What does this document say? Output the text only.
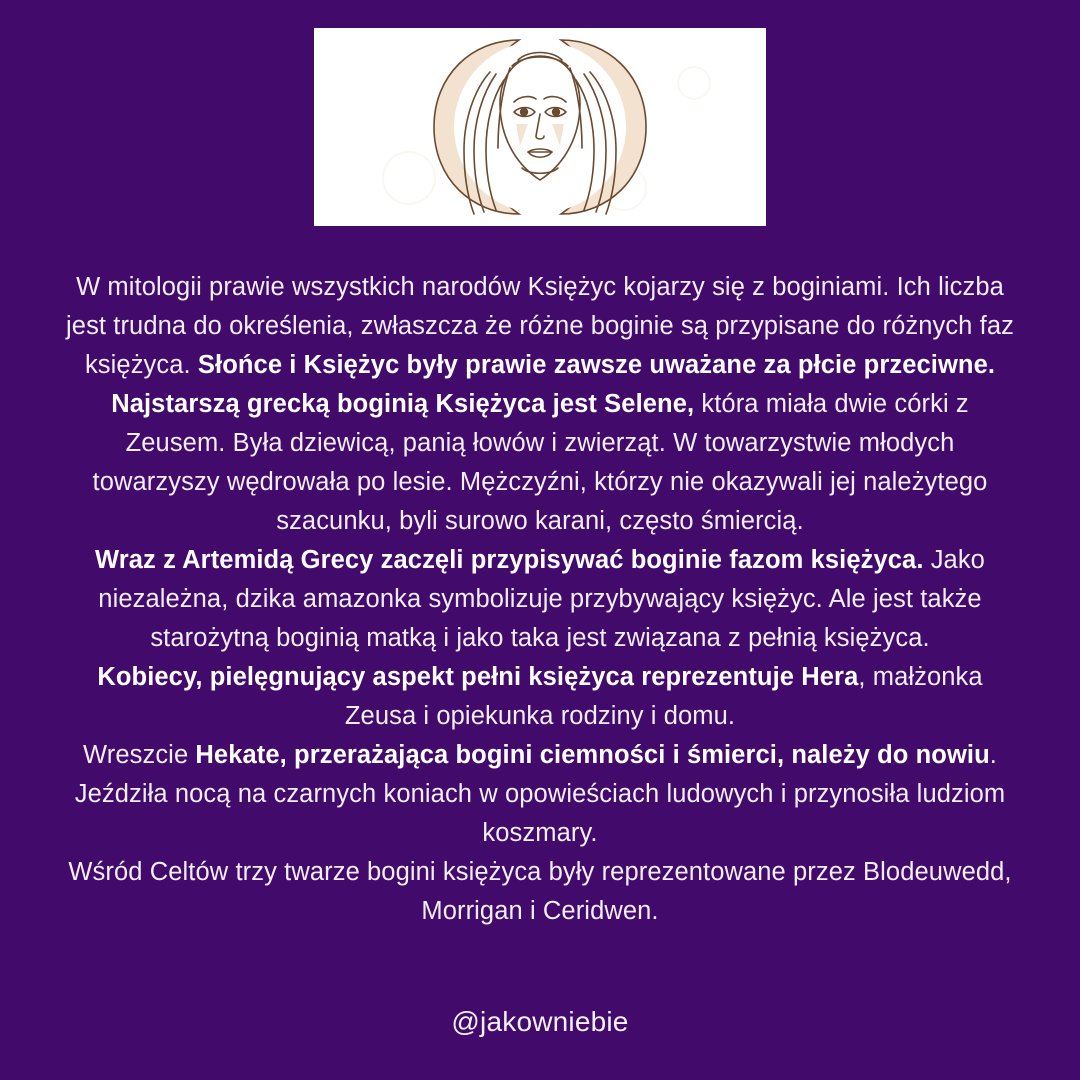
W mitologii prawie wszystkich narodów Księżyc kojarzy się z boginiami. Ich liczba jest trudna do określenia, zwłaszcza że różne boginie są przypisane do różnych faz księżyca. Słońce i Księżyc były prawie zawsze uważane za płcie przeciwne. Najstarszą grecką boginią Księżyca jest Selene, która miała dwie córki z Zeusem. Była dziewicą, panią łowów i zwierząt. W towarzystwie młodych towarzyszy wędrowała po lesie. Mężczyźni, którzy nie okazywali jej należytego szacunku, byli surowo karani, często śmiercią.

Wraz z Artemidą Grecy zaczęli przypisywać boginie fazom księżyca. Jako niezależna, dzika amazonka symbolizuje przybywający księżyc. Ale jest także starożytną boginią matką i jako taka jest związana z pełnią księżyca.

Kobiecy, pielęgnujący aspekt pełni księżyca reprezentuje Hera, małżonka Zeusa i opiekunka rodziny i domu.

Wreszcie Hekate, przerażająca bogini ciemności i śmierci, należy do nowiu. Jeździła nocą na czarnych koniach w opowieściach ludowych i przynosiła ludziom koszmary.

Wśród Celtów trzy twarze bogini księżyca były reprezentowane przez Blodeuwedd, Morrigan i Ceridwen.

@jakowniebie
